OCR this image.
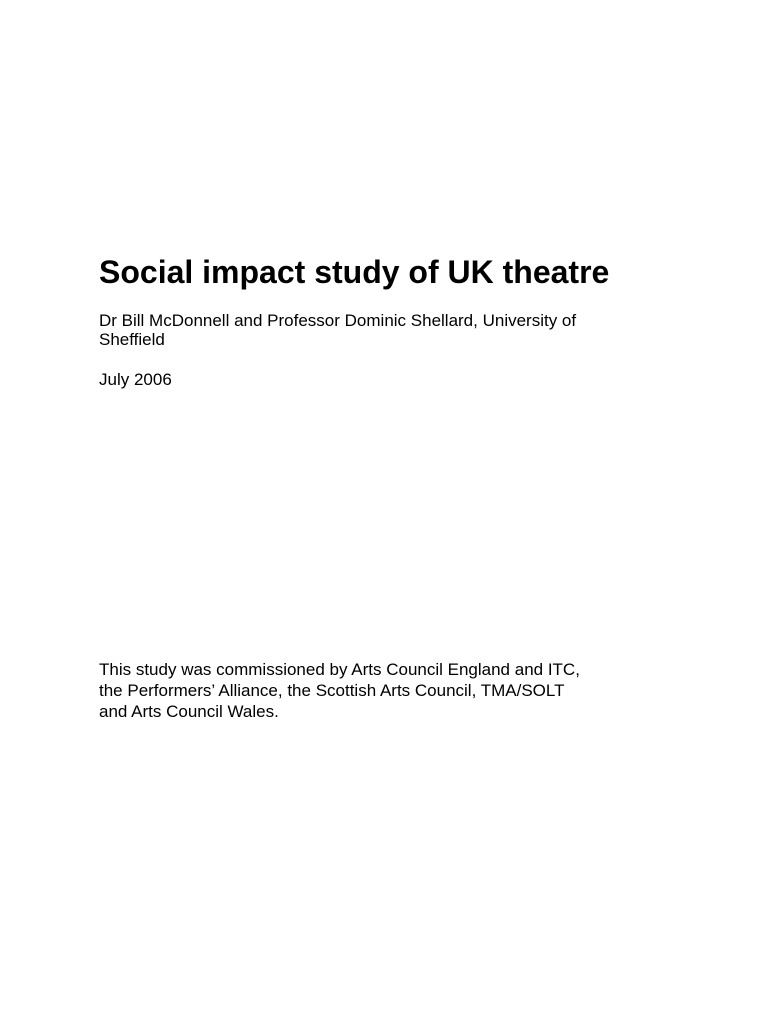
Social impact study of UK theatre

Dr Bill McDonnell and Professor Dominic Shellard, University of Sheffield

July 2006

This study was commissioned by Arts Council England and ITC,
the Performers’ Alliance, the Scottish Arts Council, TMA/SOLT
and Arts Council Wales.
